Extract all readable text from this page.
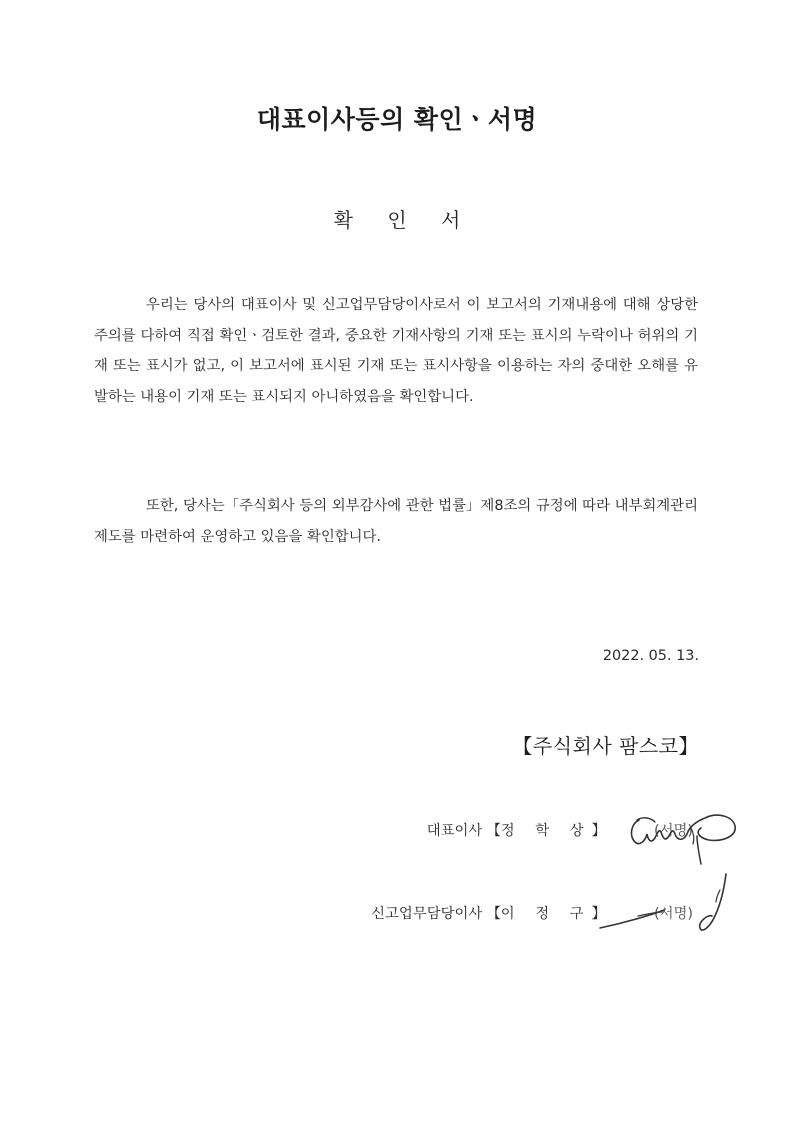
대표이사등의 확인ㆍ서명
확 인 서

우리는 당사의 대표이사 및 신고업무담당이사로서 이 보고서의 기재내용에 대해 상당한 주의를 다하여 직접 확인ㆍ검토한 결과, 중요한 기재사항의 기재 또는 표시의 누락이나 허위의 기재 또는 표시가 없고, 이 보고서에 표시된 기재 또는 표시사항을 이용하는 자의 중대한 오해를 유발하는 내용이 기재 또는 표시되지 아니하였음을 확인합니다.

또한, 당사는「주식회사 등의 외부감사에 관한 법률」제8조의 규정에 따라 내부회계관리제도를 마련하여 운영하고 있음을 확인합니다.

2022. 05. 13.
【주식회사 팜스코】
대표이사 【정 학 상】	(서명)
신고업무담당이사 【이 정 구】	(서명)
